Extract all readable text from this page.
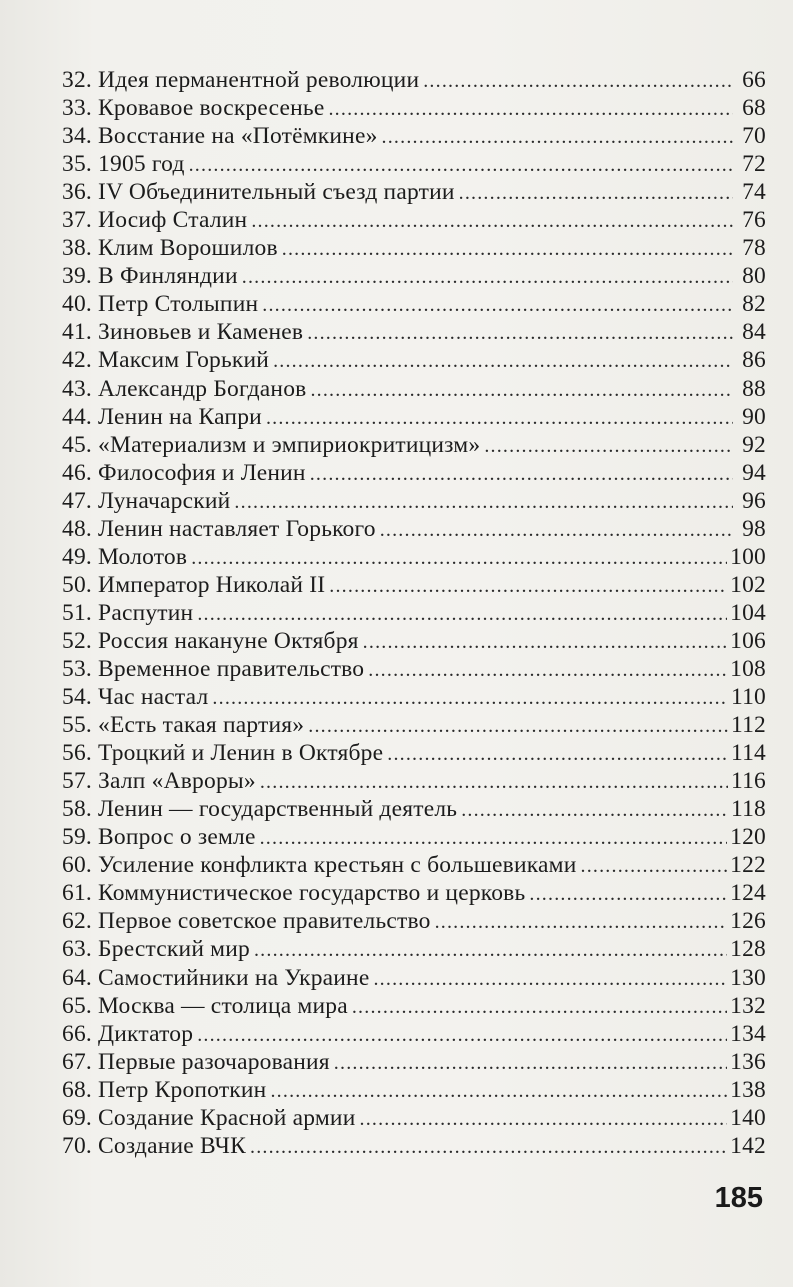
32. Идея перманентной революции .....	66
33. Кровавое воскресенье .....	68
34. Восстание на «Потёмкине» .....	70
35. 1905 год .....	72
36. IV Объединительный съезд партии .....	74
37. Иосиф Сталин .....	76
38. Клим Ворошилов .....	78
39. В Финляндии .....	80
40. Петр Столыпин .....	82
41. Зиновьев и Каменев .....	84
42. Максим Горький .....	86
43. Александр Богданов .....	88
44. Ленин на Капри .....	90
45. «Материализм и эмпириокритицизм» .....	92
46. Философия и Ленин .....	94
47. Луначарский .....	96
48. Ленин наставляет Горького .....	98
49. Молотов .....	100
50. Император Николай II .....	102
51. Распутин .....	104
52. Россия накануне Октября .....	106
53. Временное правительство .....	108
54. Час настал .....	110
55. «Есть такая партия» .....	112
56. Троцкий и Ленин в Октябре .....	114
57. Залп «Авроры» .....	116
58. Ленин — государственный деятель .....	118
59. Вопрос о земле .....	120
60. Усиление конфликта крестьян с большевиками .....	122
61. Коммунистическое государство и церковь .....	124
62. Первое советское правительство .....	126
63. Брестский мир .....	128
64. Самостийники на Украине .....	130
65. Москва — столица мира .....	132
66. Диктатор .....	134
67. Первые разочарования .....	136
68. Петр Кропоткин .....	138
69. Создание Красной армии .....	140
70. Создание ВЧК .....	142
185
